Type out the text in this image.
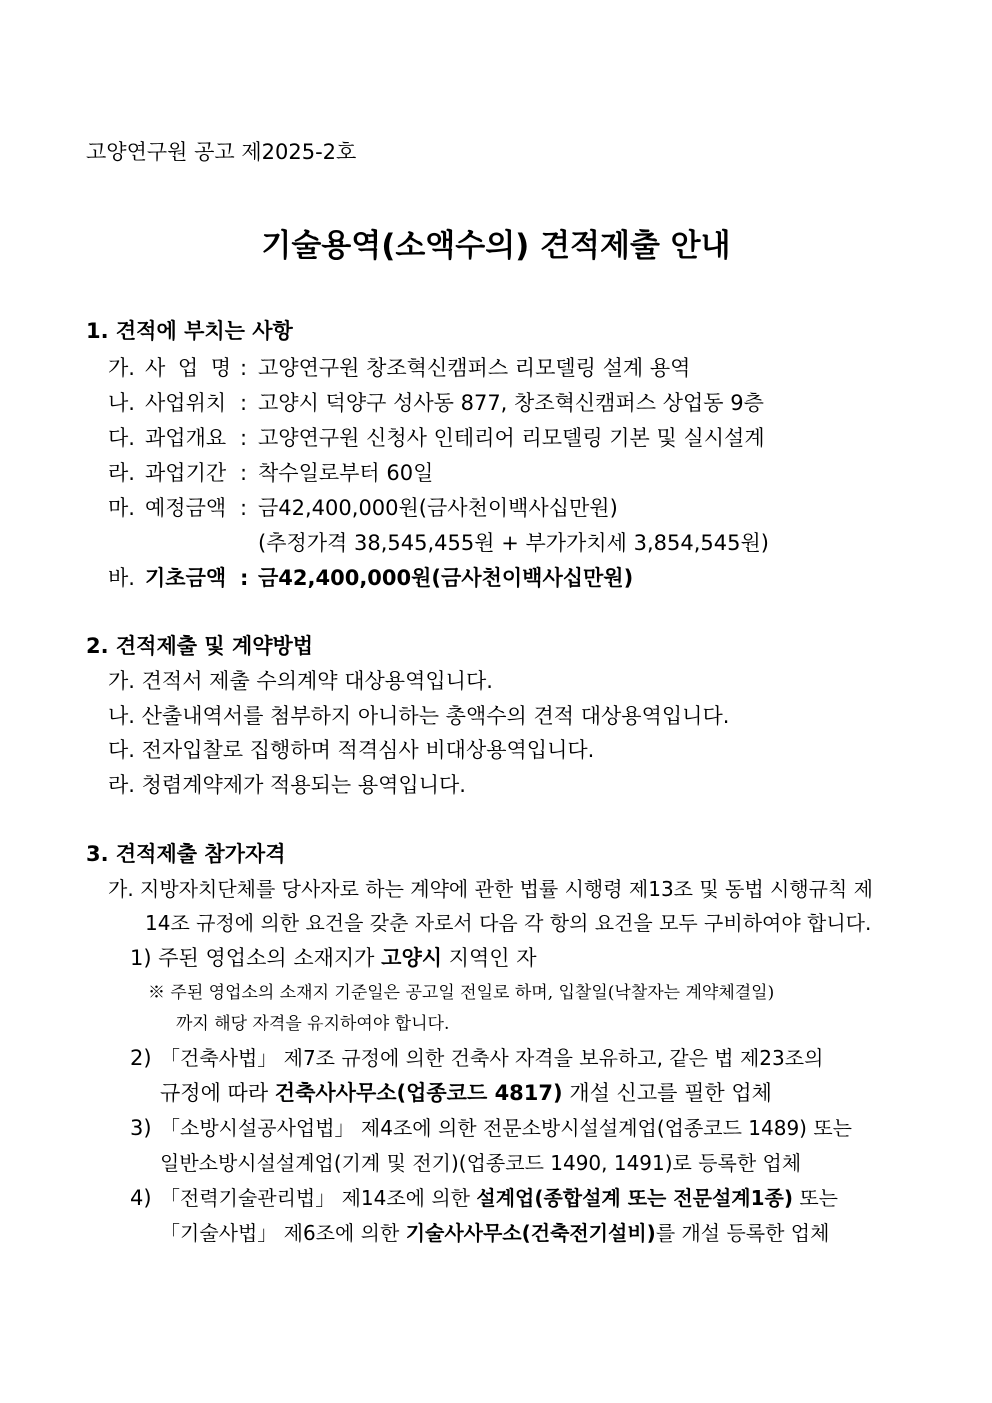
고양연구원 공고 제2025-2호
기술용역(소액수의) 견적제출 안내
1. 견적에 부치는 사항
가. 사 업 명 : 고양연구원 창조혁신캠퍼스 리모델링 설계 용역
나. 사업위치 : 고양시 덕양구 성사동 877, 창조혁신캠퍼스 상업동 9층
다. 과업개요 : 고양연구원 신청사 인테리어 리모델링 기본 및 실시설계
라. 과업기간 : 착수일로부터 60일
마. 예정금액 : 금42,400,000원(금사천이백사십만원)
(추정가격 38,545,455원 + 부가가치세 3,854,545원)
바. 기초금액 : 금42,400,000원(금사천이백사십만원)
2. 견적제출 및 계약방법
가. 견적서 제출 수의계약 대상용역입니다.
나. 산출내역서를 첨부하지 아니하는 총액수의 견적 대상용역입니다.
다. 전자입찰로 집행하며 적격심사 비대상용역입니다.
라. 청렴계약제가 적용되는 용역입니다.
3. 견적제출 참가자격
가. 지방자치단체를 당사자로 하는 계약에 관한 법률 시행령 제13조 및 동법 시행규칙 제
14조 규정에 의한 요건을 갖춘 자로서 다음 각 항의 요건을 모두 구비하여야 합니다.
1) 주된 영업소의 소재지가 고양시 지역인 자
※ 주된 영업소의 소재지 기준일은 공고일 전일로 하며, 입찰일(낙찰자는 계약체결일)
까지 해당 자격을 유지하여야 합니다.
2) 「건축사법」 제7조 규정에 의한 건축사 자격을 보유하고, 같은 법 제23조의
규정에 따라 건축사사무소(업종코드 4817) 개설 신고를 필한 업체
3) 「소방시설공사업법」 제4조에 의한 전문소방시설설계업(업종코드 1489) 또는
일반소방시설설계업(기계 및 전기)(업종코드 1490, 1491)로 등록한 업체
4) 「전력기술관리법」 제14조에 의한 설계업(종합설계 또는 전문설계1종) 또는
「기술사법」 제6조에 의한 기술사사무소(건축전기설비)를 개설 등록한 업체
